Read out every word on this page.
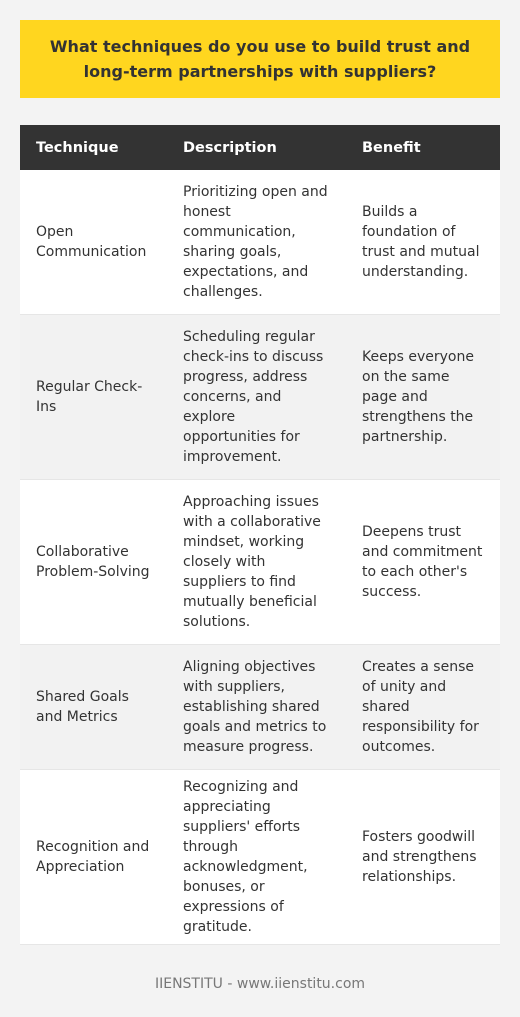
What techniques do you use to build trust and long-term partnerships with suppliers?
Technique	Description	Benefit
Open Communication
Prioritizing open and honest communication, sharing goals, expectations, and challenges.
Builds a foundation of trust and mutual understanding.
Regular Check-Ins
Scheduling regular check-ins to discuss progress, address concerns, and explore opportunities for improvement.
Keeps everyone on the same page and strengthens the partnership.
Collaborative Problem-Solving
Approaching issues with a collaborative mindset, working closely with suppliers to find mutually beneficial solutions.
Deepens trust and commitment to each other's success.
Shared Goals and Metrics
Aligning objectives with suppliers, establishing shared goals and metrics to measure progress.
Creates a sense of unity and shared responsibility for outcomes.
Recognition and Appreciation
Recognizing and appreciating suppliers' efforts through acknowledgment, bonuses, or expressions of gratitude.
Fosters goodwill and strengthens relationships.
IIENSTITU - www.iienstitu.com
